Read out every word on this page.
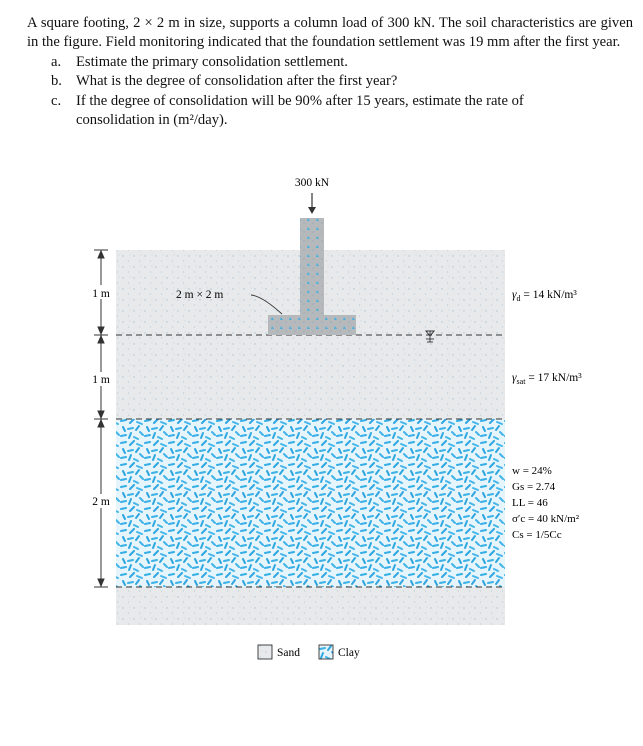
A square footing, 2 × 2 m in size, supports a column load of 300 kN. The soil characteristics are given in the figure. Field monitoring indicated that the foundation settlement was 19 mm after the first year.

a. Estimate the primary consolidation settlement.
b. What is the degree of consolidation after the first year?
c. If the degree of consolidation will be 90% after 15 years, estimate the rate of
consolidation in (m²/day).
300 kN
2 m × 2 m
1 m
1 m
2 m
$\gamma_d = 14$ kN/m³
$\gamma_{sat} = 17$ kN/m³
w = 24%
Gs = 2.74
LL = 46
σ′c = 40 kN/m²
Cs = 1/5Cc
Sand	Clay
